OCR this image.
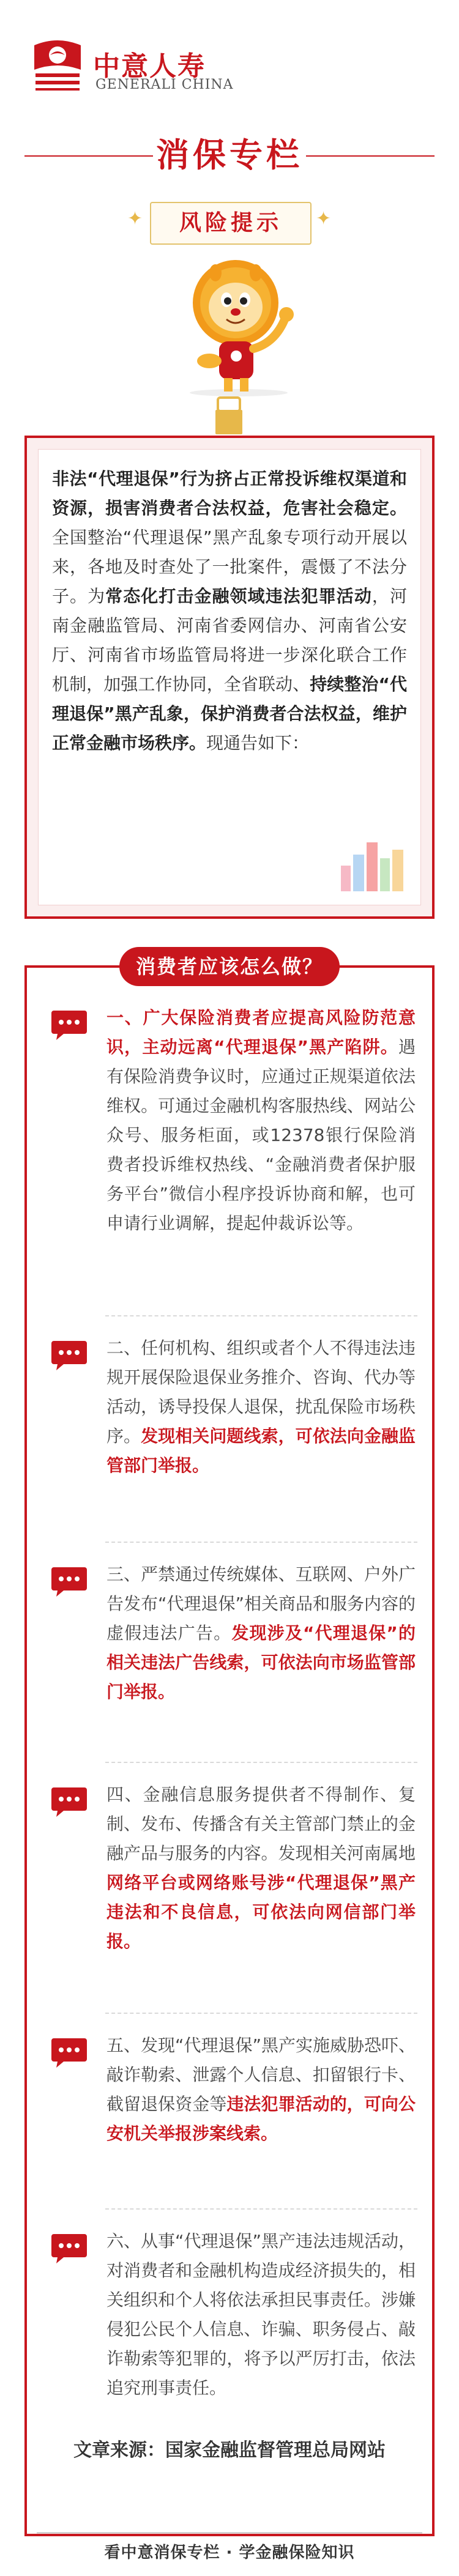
中意人寿
GENERALI CHINA
消保专栏
✦	✦
风险提示
非法“代理退保”行为挤占正常投诉维权渠道和资源，损害消费者合法权益，危害社会稳定。全国整治“代理退保”黑产乱象专项行动开展以来，各地及时查处了一批案件，震慑了不法分子。为常态化打击金融领域违法犯罪活动，河南金融监管局、河南省委网信办、河南省公安厅、河南省市场监管局将进一步深化联合工作机制，加强工作协同，全省联动、持续整治“代理退保”黑产乱象，保护消费者合法权益，维护正常金融市场秩序。现通告如下：
消费者应该怎么做？
一、广大保险消费者应提高风险防范意识，主动远离“代理退保”黑产陷阱。遇有保险消费争议时，应通过正规渠道依法维权。可通过金融机构客服热线、网站公众号、服务柜面，或12378银行保险消费者投诉维权热线、“金融消费者保护服务平台”微信小程序投诉协商和解，也可申请行业调解，提起仲裁诉讼等。
二、任何机构、组织或者个人不得违法违规开展保险退保业务推介、咨询、代办等活动，诱导投保人退保，扰乱保险市场秩序。发现相关问题线索，可依法向金融监管部门举报。
三、严禁通过传统媒体、互联网、户外广告发布“代理退保”相关商品和服务内容的虚假违法广告。发现涉及“代理退保”的相关违法广告线索，可依法向市场监管部门举报。
四、金融信息服务提供者不得制作、复制、发布、传播含有关主管部门禁止的金融产品与服务的内容。发现相关河南属地网络平台或网络账号涉“代理退保”黑产违法和不良信息，可依法向网信部门举报。
五、发现“代理退保”黑产实施威胁恐吓、敲诈勒索、泄露个人信息、扣留银行卡、截留退保资金等违法犯罪活动的，可向公安机关举报涉案线索。
六、从事“代理退保”黑产违法违规活动，对消费者和金融机构造成经济损失的，相关组织和个人将依法承担民事责任。涉嫌侵犯公民个人信息、诈骗、职务侵占、敲诈勒索等犯罪的，将予以严厉打击，依法追究刑事责任。
文章来源：国家金融监督管理总局网站
看中意消保专栏 · 学金融保险知识
